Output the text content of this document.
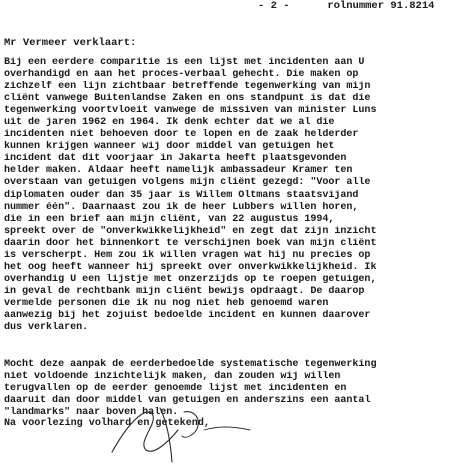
- 2 -	rolnummer 91.8214
Mr Vermeer verklaart:
Bij een eerdere comparitie is een lijst met incidenten aan U
overhandigd en aan het proces-verbaal gehecht. Die maken op
zichzelf een lijn zichtbaar betreffende tegenwerking van mijn
cliënt vanwege Buitenlandse Zaken en ons standpunt is dat die
tegenwerking voortvloeit vanwege de missiven van minister Luns
uit de jaren 1962 en 1964. Ik denk echter dat we al die
incidenten niet behoeven door te lopen en de zaak helderder
kunnen krijgen wanneer wij door middel van getuigen het
incident dat dit voorjaar in Jakarta heeft plaatsgevonden
helder maken. Aldaar heeft namelijk ambassadeur Kramer ten
overstaan van getuigen volgens mijn cliënt gezegd: "Voor alle
diplomaten ouder dan 35 jaar is Willem Oltmans staatsvijand
nummer één". Daarnaast zou ik de heer Lubbers willen horen,
die in een brief aan mijn cliënt, van 22 augustus 1994,
spreekt over de "onverkwikkelijkheid" en zegt dat zijn inzicht
daarin door het binnenkort te verschijnen boek van mijn cliënt
is verscherpt. Hem zou ik willen vragen wat hij nu precies op
het oog heeft wanneer hij spreekt over onverkwikkelijkheid. Ik
overhandig U een lijstje met onzerzijds op te roepen getuigen,
in geval de rechtbank mijn cliënt bewijs opdraagt. De daarop
vermelde personen die ik nu nog niet heb genoemd waren
aanwezig bij het zojuist bedoelde incident en kunnen daarover
dus verklaren.
Mocht deze aanpak de eerderbedoelde systematische tegenwerking
niet voldoende inzichtelijk maken, dan zouden wij willen
terugvallen op de eerder genoemde lijst met incidenten en
daaruit dan door middel van getuigen en anderszins een aantal
"landmarks" naar boven halen.
Na voorlezing volhard en getekend,
